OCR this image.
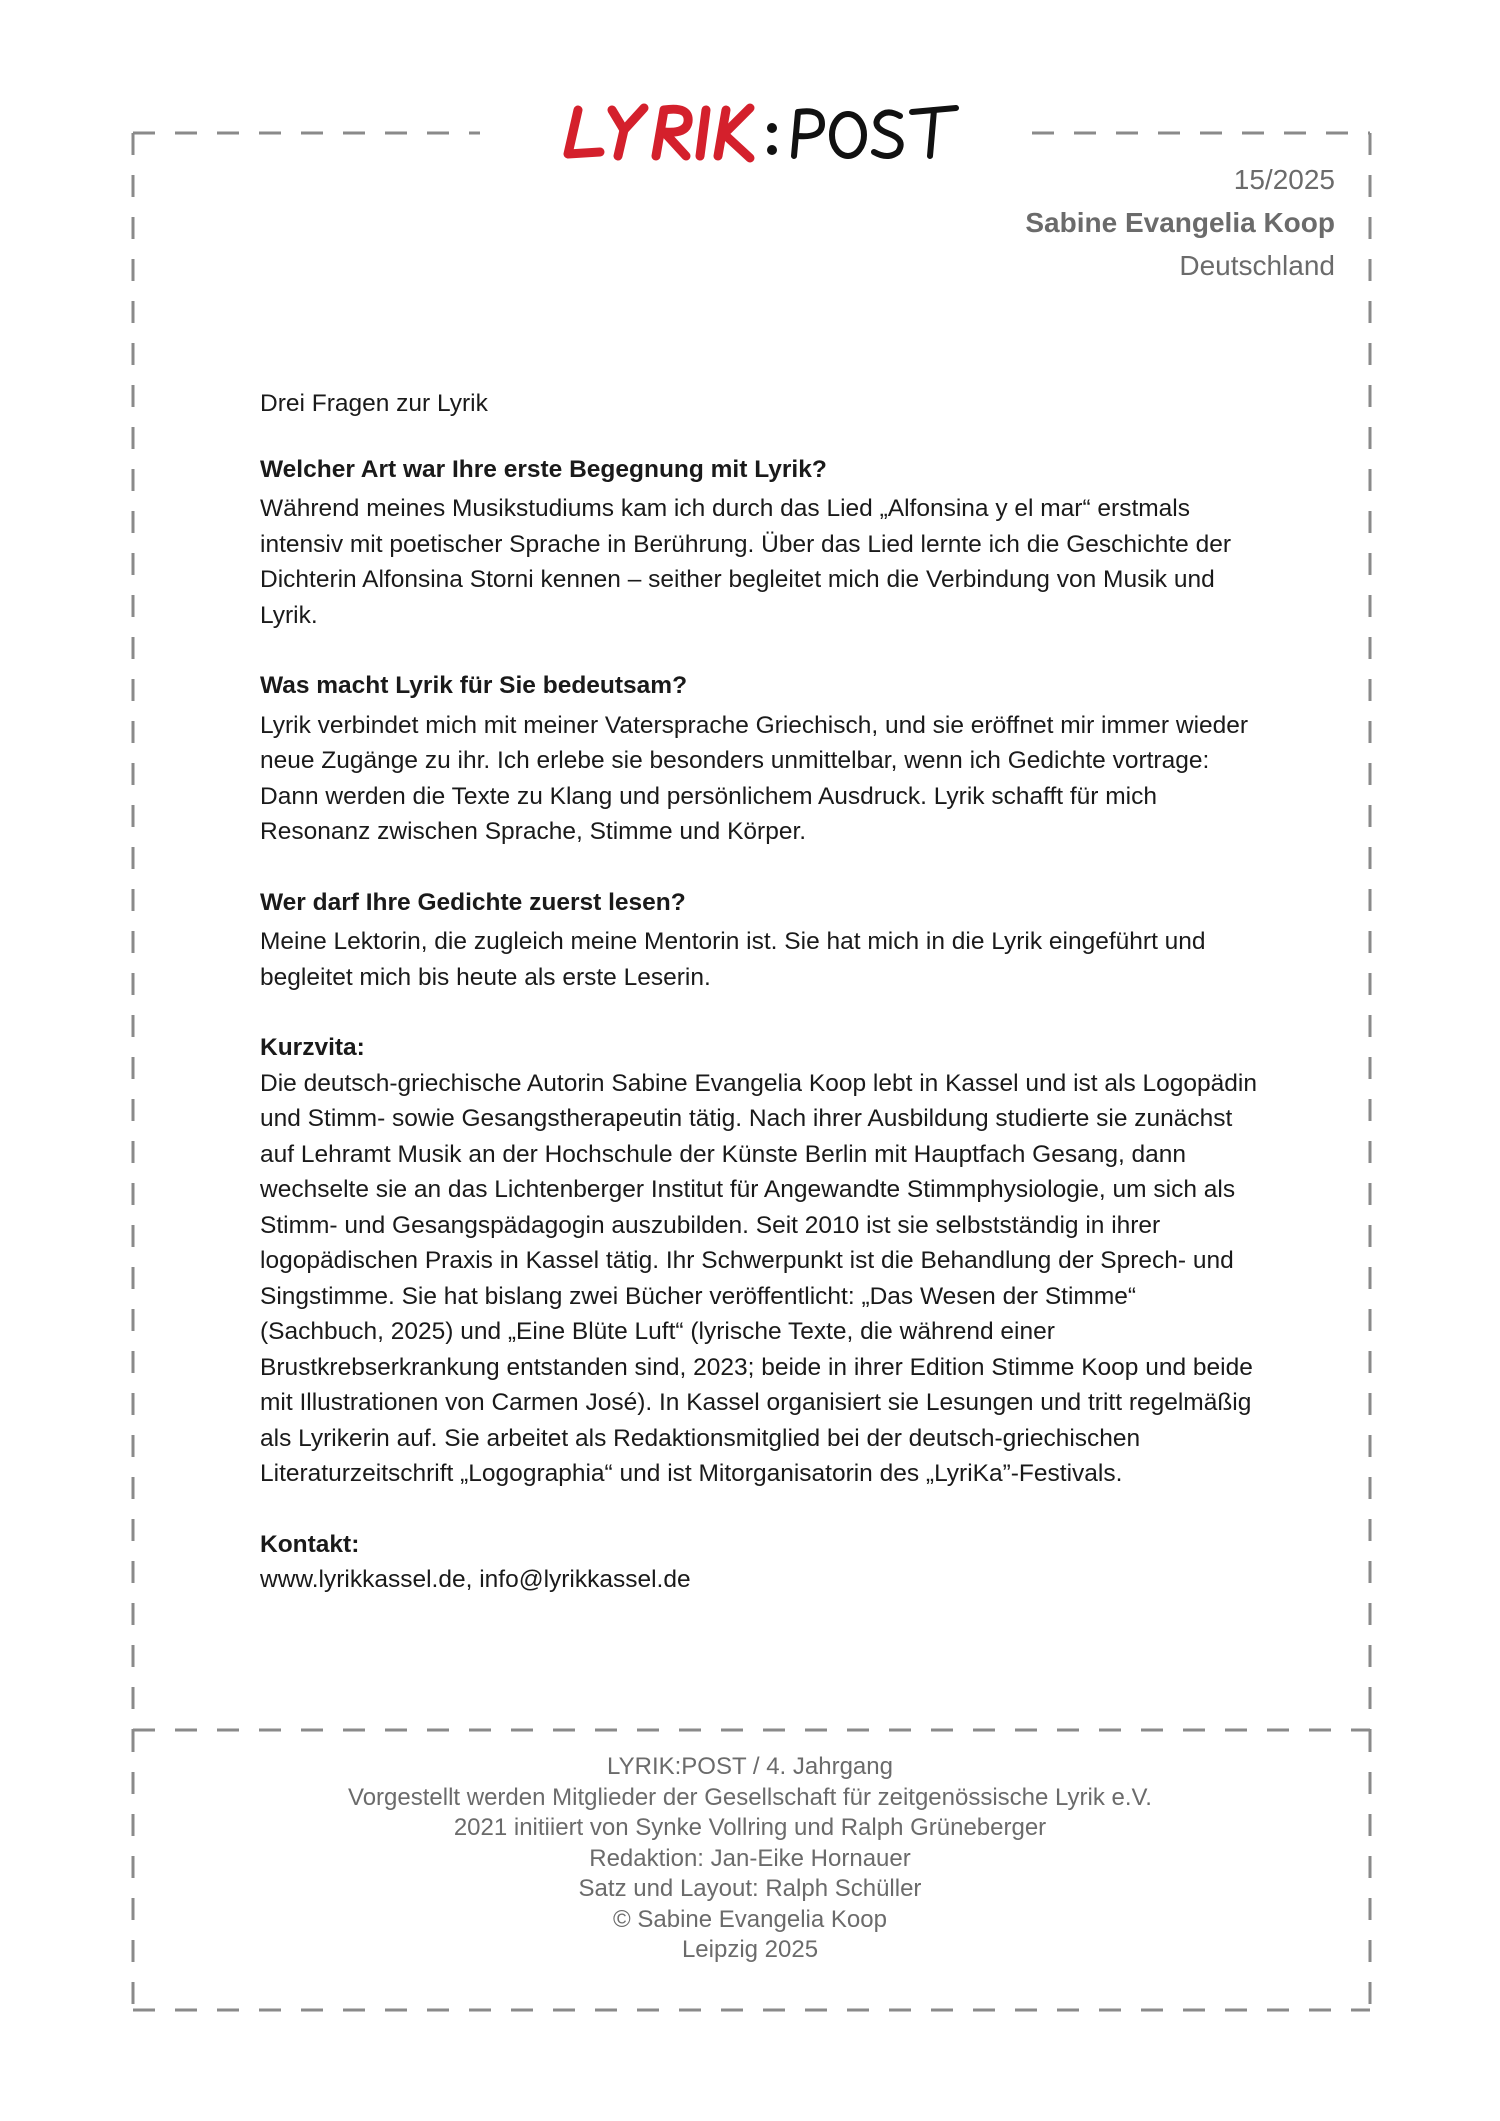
15/2025
Sabine Evangelia Koop
Deutschland

Drei Fragen zur Lyrik

Welcher Art war Ihre erste Begegnung mit Lyrik?

Während meines Musikstudiums kam ich durch das Lied „Alfonsina y el mar“ erstmals intensiv mit poetischer Sprache in Berührung. Über das Lied lernte ich die Geschichte der Dichterin Alfonsina Storni kennen – seither begleitet mich die Verbindung von Musik und Lyrik.

Was macht Lyrik für Sie bedeutsam?

Lyrik verbindet mich mit meiner Vatersprache Griechisch, und sie eröffnet mir immer wieder neue Zugänge zu ihr. Ich erlebe sie besonders unmittelbar, wenn ich Gedichte vortrage: Dann werden die Texte zu Klang und persönlichem Ausdruck. Lyrik schafft für mich Resonanz zwischen Sprache, Stimme und Körper.

Wer darf Ihre Gedichte zuerst lesen?

Meine Lektorin, die zugleich meine Mentorin ist. Sie hat mich in die Lyrik eingeführt und begleitet mich bis heute als erste Leserin.

Kurzvita:

Die deutsch-griechische Autorin Sabine Evangelia Koop lebt in Kassel und ist als Logopädin und Stimm- sowie Gesangstherapeutin tätig. Nach ihrer Ausbildung studierte sie zunächst auf Lehramt Musik an der Hochschule der Künste Berlin mit Hauptfach Gesang, dann wechselte sie an das Lichtenberger Institut für Angewandte Stimmphysiologie, um sich als Stimm- und Gesangspädagogin auszubilden. Seit 2010 ist sie selbstständig in ihrer logopädischen Praxis in Kassel tätig. Ihr Schwerpunkt ist die Behandlung der Sprech- und Singstimme. Sie hat bislang zwei Bücher veröffentlicht: „Das Wesen der Stimme“ (Sachbuch, 2025) und „Eine Blüte Luft“ (lyrische Texte, die während einer Brustkrebserkrankung entstanden sind, 2023; beide in ihrer Edition Stimme Koop und beide mit Illustrationen von Carmen José). In Kassel organisiert sie Lesungen und tritt regelmäßig als Lyrikerin auf. Sie arbeitet als Redaktionsmitglied bei der deutsch-griechischen Literaturzeitschrift „Logographia“ und ist Mitorganisatorin des „LyriKa”-Festivals.

Kontakt:

www.lyrikkassel.de, info@lyrikkassel.de

LYRIK:POST / 4. Jahrgang
Vorgestellt werden Mitglieder der Gesellschaft für zeitgenössische Lyrik e.V.
2021 initiiert von Synke Vollring und Ralph Grüneberger
Redaktion: Jan-Eike Hornauer
Satz und Layout: Ralph Schüller
© Sabine Evangelia Koop
Leipzig 2025
